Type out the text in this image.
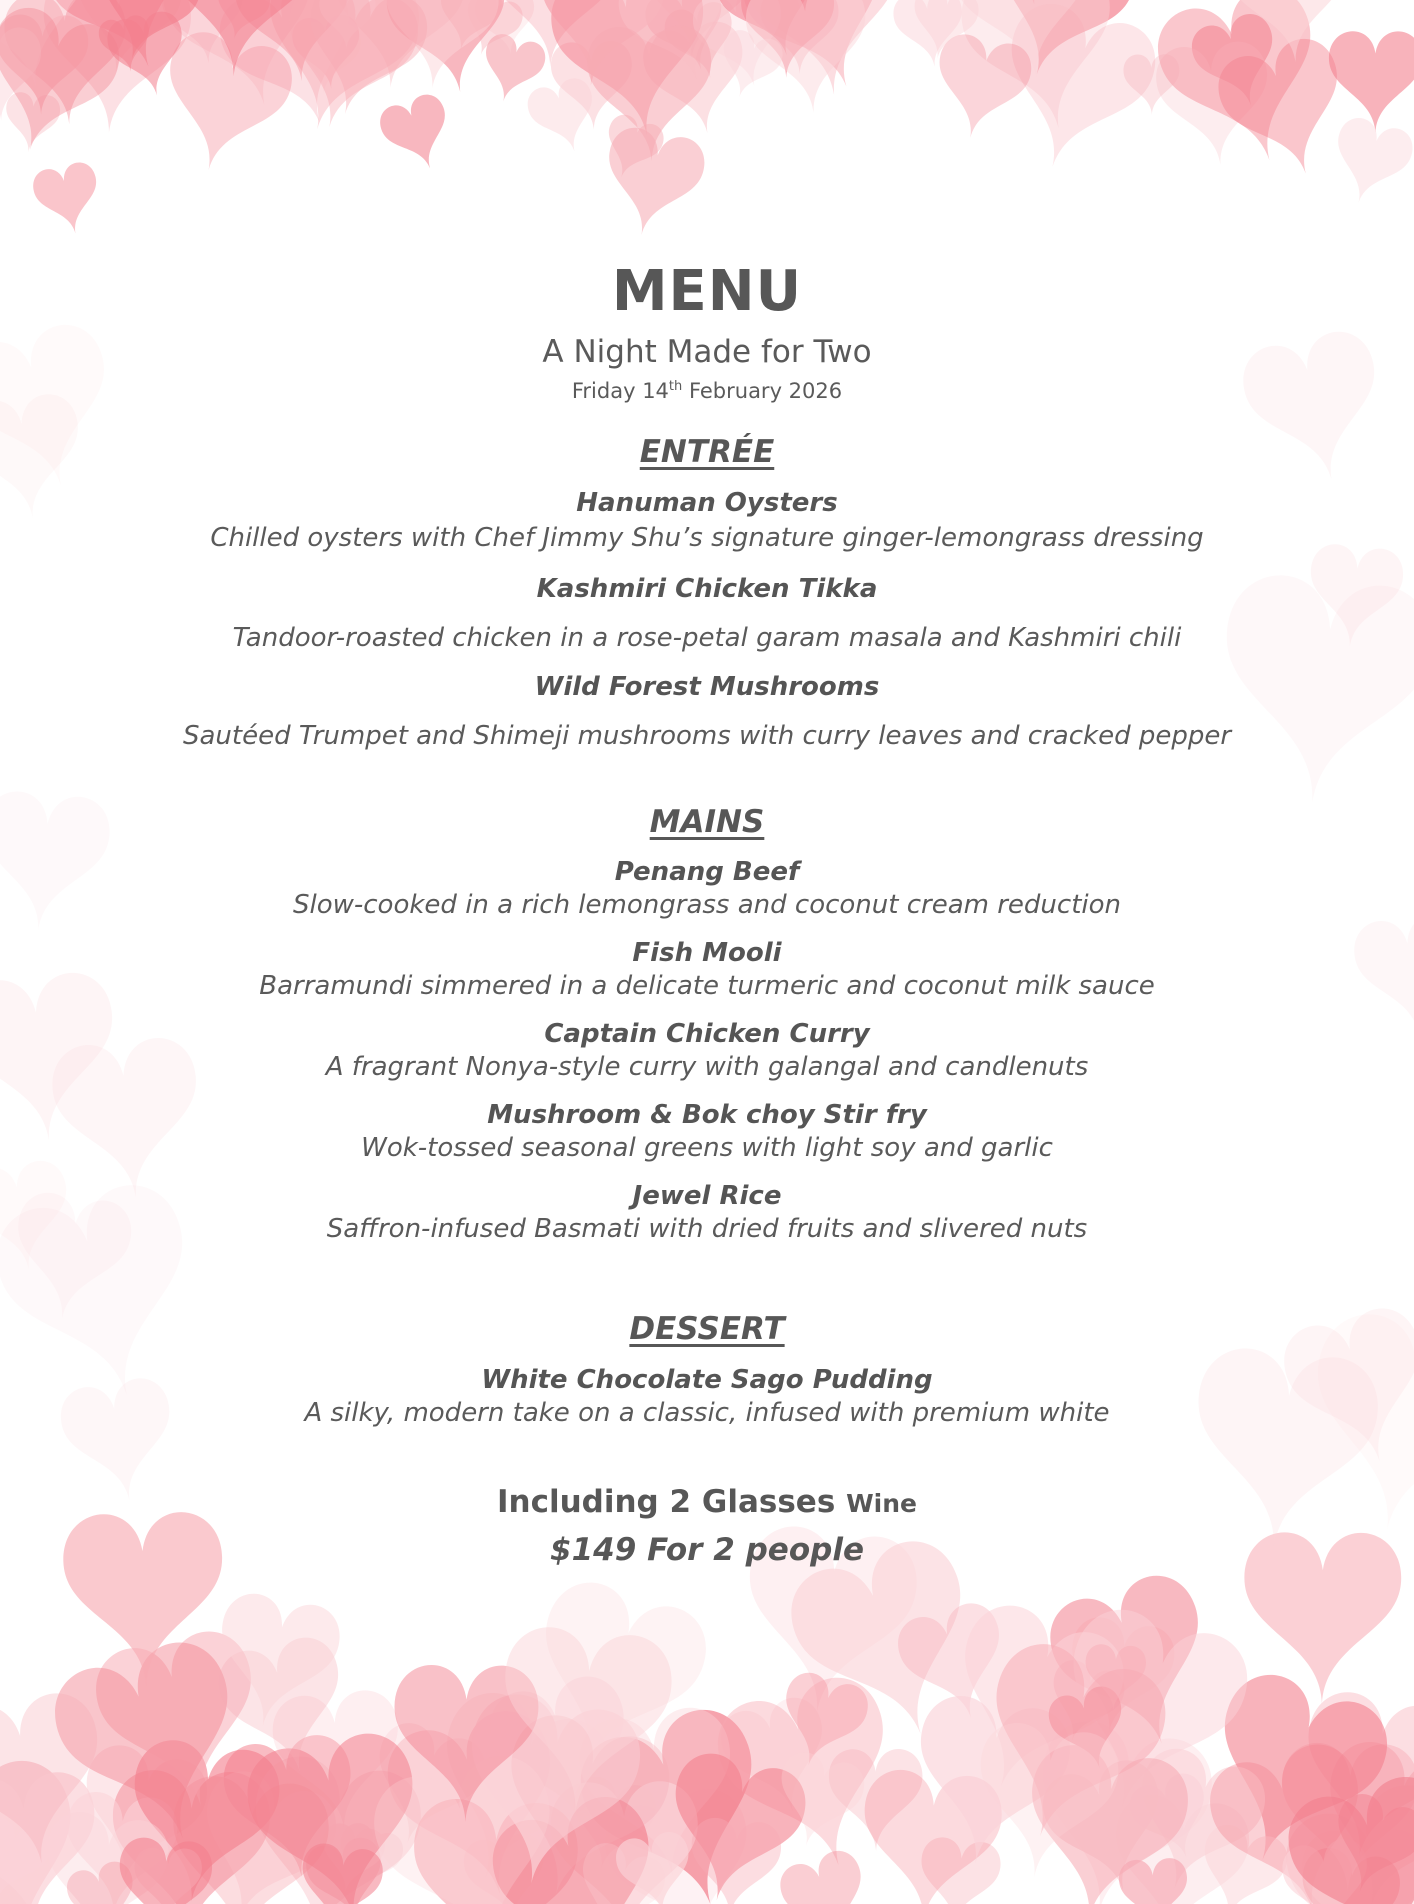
MENU
A Night Made for Two
Friday 14th February 2026
ENTRÉE
Hanuman Oysters
Chilled oysters with Chef Jimmy Shu’s signature ginger-lemongrass dressing
Kashmiri Chicken Tikka
Tandoor-roasted chicken in a rose-petal garam masala and Kashmiri chili
Wild Forest Mushrooms
Sautéed Trumpet and Shimeji mushrooms with curry leaves and cracked pepper
MAINS
Penang Beef
Slow-cooked in a rich lemongrass and coconut cream reduction
Fish Mooli
Barramundi simmered in a delicate turmeric and coconut milk sauce
Captain Chicken Curry
A fragrant Nonya-style curry with galangal and candlenuts
Mushroom & Bok choy Stir fry
Wok-tossed seasonal greens with light soy and garlic
Jewel Rice
Saffron-infused Basmati with dried fruits and slivered nuts
DESSERT
White Chocolate Sago Pudding
A silky, modern take on a classic, infused with premium white
Including 2 Glasses Wine
$149 For 2 people
